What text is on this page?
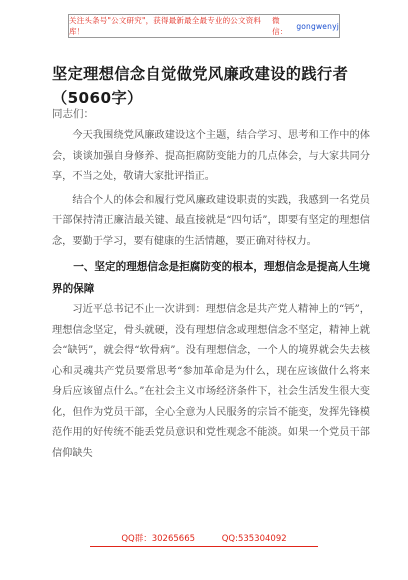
关注头条号"公文研究"，获得最新最全最专业的公文资料库！
微信：
gongwenyj
坚定理想信念自觉做党风廉政建设的践行者（5060字）
同志们：

今天我围绕党风廉政建设这个主题，结合学习、思考和工作中的体会，谈谈加强自身修养、提高拒腐防变能力的几点体会，与大家共同分享，不当之处，敬请大家批评指正。

结合个人的体会和履行党风廉政建设职责的实践，我感到一名党员干部保持清正廉洁最关键、最直接就是“四句话”，即要有坚定的理想信念，要勤于学习，要有健康的生活情趣，要正确对待权力。

一、坚定的理想信念是拒腐防变的根本，理想信念是提高人生境界的保障

习近平总书记不止一次讲到：理想信念是共产党人精神上的“钙”，理想信念坚定，骨头就硬，没有理想信念或理想信念不坚定，精神上就会“缺钙”，就会得“软骨病”。没有理想信念，一个人的境界就会失去核心和灵魂共产党员要常思考“参加革命是为什么，现在应该做什么将来身后应该留点什么。”在社会主义市场经济条件下，社会生活发生很大变化，但作为党员干部，全心全意为人民服务的宗旨不能变，发挥先锋模范作用的好传统不能丢党员意识和党性观念不能淡。如果一个党员干部信仰缺失

QQ群：30265665	QQ:535304092
